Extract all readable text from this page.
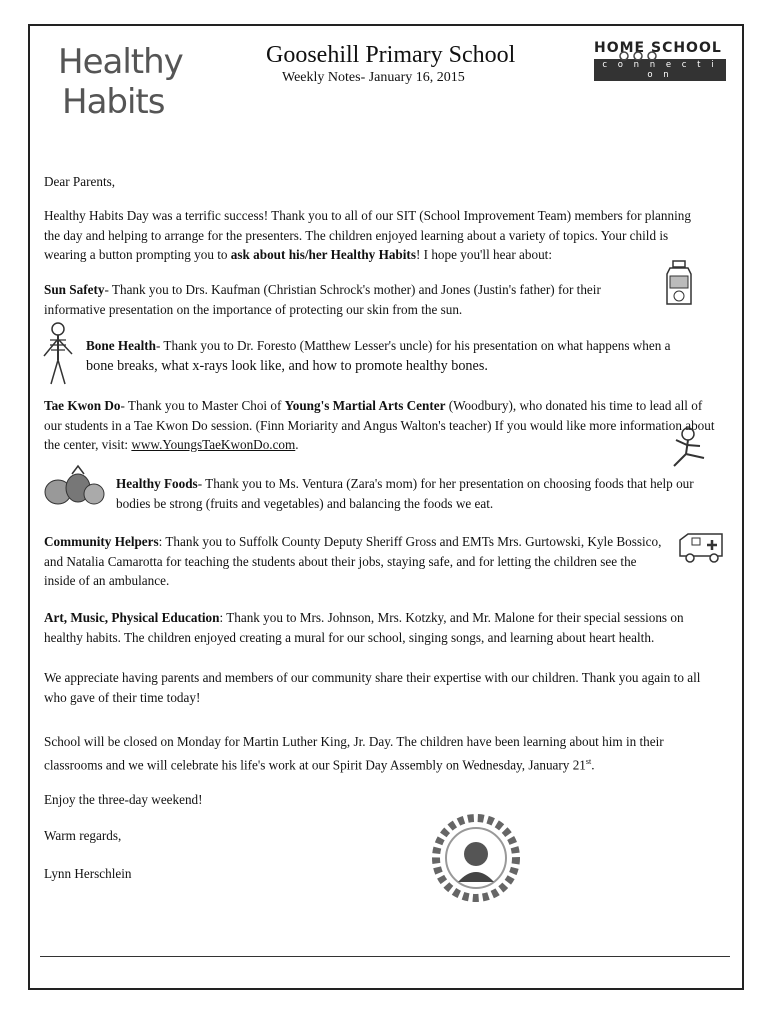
Healthy
Habits
Goosehill Primary School
Weekly Notes- January 16, 2015
HOME SCHOOL
c o n n e c t i o n
Dear Parents,
Healthy Habits Day was a terrific success! Thank you to all of our SIT (School Improvement Team) members for planning the day and helping to arrange for the presenters. The children enjoyed learning about a variety of topics. Your child is wearing a button prompting you to ask about his/her Healthy Habits! I hope you'll hear about:
Sun Safety- Thank you to Drs. Kaufman (Christian Schrock's mother) and Jones (Justin's father) for their informative presentation on the importance of protecting our skin from the sun.
Bone Health- Thank you to Dr. Foresto (Matthew Lesser's uncle) for his presentation on what happens when a
bone breaks, what x-rays look like, and how to promote healthy bones.
Tae Kwon Do- Thank you to Master Choi of Young's Martial Arts Center (Woodbury), who donated his time to lead all of our students in a Tae Kwon Do session. (Finn Moriarity and Angus Walton's teacher) If you would like more information about the center, visit: www.YoungsTaeKwonDo.com.
Healthy Foods- Thank you to Ms. Ventura (Zara's mom) for her presentation on choosing foods that help our bodies be strong (fruits and vegetables) and balancing the foods we eat.
Community Helpers: Thank you to Suffolk County Deputy Sheriff Gross and EMTs Mrs. Gurtowski, Kyle Bossico, and Natalia Camarotta for teaching the students about their jobs, staying safe, and for letting the children see the inside of an ambulance.
Art, Music, Physical Education: Thank you to Mrs. Johnson, Mrs. Kotzky, and Mr. Malone for their special sessions on healthy habits. The children enjoyed creating a mural for our school, singing songs, and learning about heart health.
We appreciate having parents and members of our community share their expertise with our children. Thank you again to all who gave of their time today!
School will be closed on Monday for Martin Luther King, Jr. Day. The children have been learning about him in their classrooms and we will celebrate his life's work at our Spirit Day Assembly on Wednesday, January 21st.
Enjoy the three-day weekend!
Warm regards,
Lynn Herschlein
